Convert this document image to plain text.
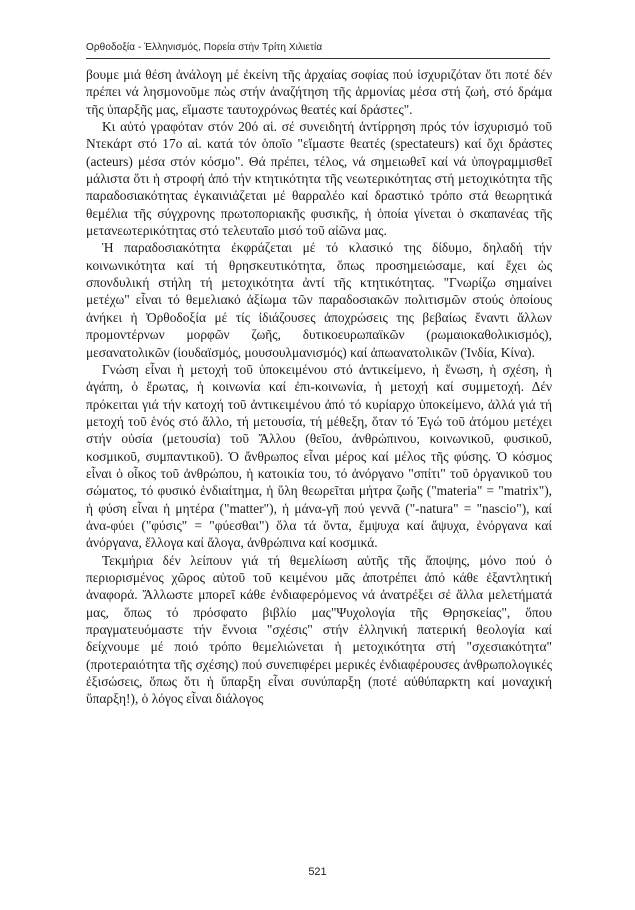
Ορθοδοξία - Ἑλληνισμός, Πορεία στὴν Τρίτη Χιλιετία

βουμε μιά θέση ἀνάλογη μέ ἐκείνη τῆς ἀρχαίας σοφίας πού ἰσχυριζόταν ὅτι ποτέ δέν πρέπει νά λησμονοῦμε πὼς στήν ἀναζήτηση τῆς ἁρμονίας μέσα στή ζωή, στό δράμα τῆς ὑπαρξῆς μας, εἴμαστε ταυτοχρόνως θεατές καί δράστες".

Κι αὐτό γραφόταν στόν 20ό αἱ. σέ συνειδητή ἀντίρρηση πρός τόν ἰσχυρισμό τοῦ Ντεκάρτ στό 17ο αἱ. κατά τόν ὁποῖο "εἴμαστε θεατές (spectateurs) καί ὄχι δράστες (acteurs) μέσα στόν κόσμο". Θά πρέπει, τέλος, νά σημειωθεῖ καί νά ὑπογραμμισθεῖ μάλιστα ὅτι ἡ στροφή ἀπό τήν κτητικότητα τῆς νεωτερικότητας στή μετοχικότητα τῆς παραδοσιακότητας ἐγκαινιάζεται μέ θαρραλέο καί δραστικό τρόπο στά θεωρητικά θεμέλια τῆς σύγχρονης πρωτοποριακῆς φυσικῆς, ἡ ὁποία γίνεται ὁ σκαπανέας τῆς μετανεωτερικότητας στό τελευταῖο μισό τοῦ αἰῶνα μας.

Ἡ παραδοσιακότητα ἐκφράζεται μέ τό κλασικό της δίδυμο, δηλαδή τήν κοινωνικότητα καί τή θρησκευτικότητα, ὅπως προσημειώσαμε, καί ἔχει ὡς σπονδυλική στήλη τή μετοχικότητα ἀντί τῆς κτητικότητας. "Γνωρίζω σημαίνει μετέχω" εἶναι τό θεμελιακό ἀξίωμα τῶν παραδοσιακῶν πολιτισμῶν στούς ὁποίους ἀνήκει ἡ Ὀρθοδοξία μέ τίς ἰδιάζουσες ἀποχρώσεις της βεβαίως ἔναντι ἄλλων προμοντέρνων μορφῶν ζωῆς, δυτικοευρωπαϊκῶν (ρωμαιοκαθολικισμός), μεσανατολικῶν (ἰουδαϊσμός, μουσουλμανισμός) καί ἀπωανατολικῶν (Ἰνδία, Κίνα).

Γνώση εἶναι ἡ μετοχή τοῦ ὑποκειμένου στό ἀντικείμενο, ἡ ἕνωση, ἡ σχέση, ἡ ἀγάπη, ὁ ἔρωτας, ἡ κοινωνία καί ἐπι-κοινωνία, ἡ μετοχή καί συμμετοχή. Δέν πρόκειται γιά τήν κατοχή τοῦ ἀντικειμένου ἀπό τό κυρίαρχο ὑποκείμενο, ἀλλά γιά τή μετοχή τοῦ ἑνός στό ἄλλο, τή μετουσία, τή μέθεξη, ὅταν τό Ἐγώ τοῦ ἀτόμου μετέχει στήν οὐσία (μετουσία) τοῦ Ἄλλου (θεῖου, ἀνθρώπινου, κοινωνικοῦ, φυσικοῦ, κοσμικοῦ, συμπαντικοῦ). Ὁ ἄνθρωπος εἶναι μέρος καί μέλος τῆς φύσης. Ὁ κόσμος εἶναι ὁ οἶκος τοῦ ἀνθρώπου, ἡ κατοικία του, τό ἀνόργανο "σπίτι" τοῦ ὀργανικοῦ του σώματος, τό φυσικό ἐνδιαίτημα, ἡ ὕλη θεωρεῖται μήτρα ζωῆς ("materia" = "matrix"), ἡ φύση εἶναι ἡ μητέρα ("matter"), ἡ μάνα-γῆ πού γεννᾶ ("-natura" = "nascio"), καί ἀνα-φύει ("φύσις" = "φύεσθαι") ὅλα τά ὄντα, ἔμψυχα καί ἄψυχα, ἐνόργανα καί ἀνόργανα, ἔλλογα καί ἄλογα, ἀνθρώπινα καί κοσμικά.

Τεκμήρια δέν λείπουν γιά τή θεμελίωση αὐτῆς τῆς ἄποψης, μόνο πού ὁ περιορισμένος χῶρος αὐτοῦ τοῦ κειμένου μᾶς ἀποτρέπει ἀπό κάθε ἐξαντλητική ἀναφορά. Ἄλλωστε μπορεῖ κάθε ἐνδιαφερόμενος νά ἀνατρέξει σέ ἄλλα μελετήματά μας, ὅπως τό πρόσφατο βιβλίο μας"Ψυχολογία τῆς Θρησκείας", ὅπου πραγματευόμαστε τήν ἔννοια "σχέσις" στήν ἑλληνική πατερική θεολογία καί δείχνουμε μέ ποιό τρόπο θεμελιώνεται ἡ μετοχικότητα στή "σχεσιακότητα" (προτεραιότητα τῆς σχέσης) πού συνεπιφέρει μερικές ἐνδιαφέρουσες ἀνθρωπολογικές ἐξισώσεις, ὅπως ὅτι ἡ ὕπαρξη εἶναι συνύπαρξη (ποτέ αὐθύπαρκτη καί μοναχική ὕπαρξη!), ὁ λόγος εἶναι διάλογος

521
